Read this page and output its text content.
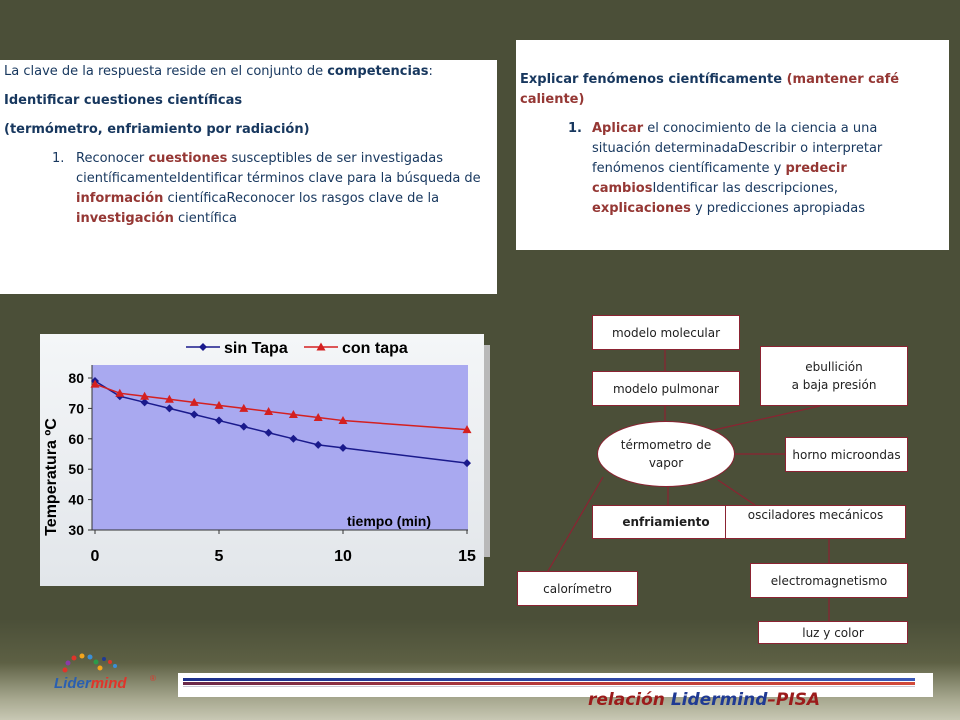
La clave de la respuesta reside en el conjunto de competencias:

Identificar cuestiones científicas

(termómetro, enfriamiento por radiación)

1. Reconocer cuestiones susceptibles de ser investigadas científicamenteIdentificar términos clave para la búsqueda de información científicaReconocer los rasgos clave de la investigación científica

Explicar fenómenos científicamente (mantener café caliente)

1. Aplicar el conocimiento de la ciencia a una situación determinadaDescribir o interpretar fenómenos científicamente y predecir cambiosIdentificar las descripciones, explicaciones y predicciones apropiadas
30
40
50
60
70
80
0	5	10	15
sin Tapa	con tapa
Temperatura ºC	tiempo (min)
modelo molecular
modelo pulmonar
ebullición
a baja presión
térmometro de
vapor
horno microondas
enfriamiento	osciladores mecánicos
electromagnetismo
calorímetro
luz y color
Lidermind	®
relación Lidermind–PISA
